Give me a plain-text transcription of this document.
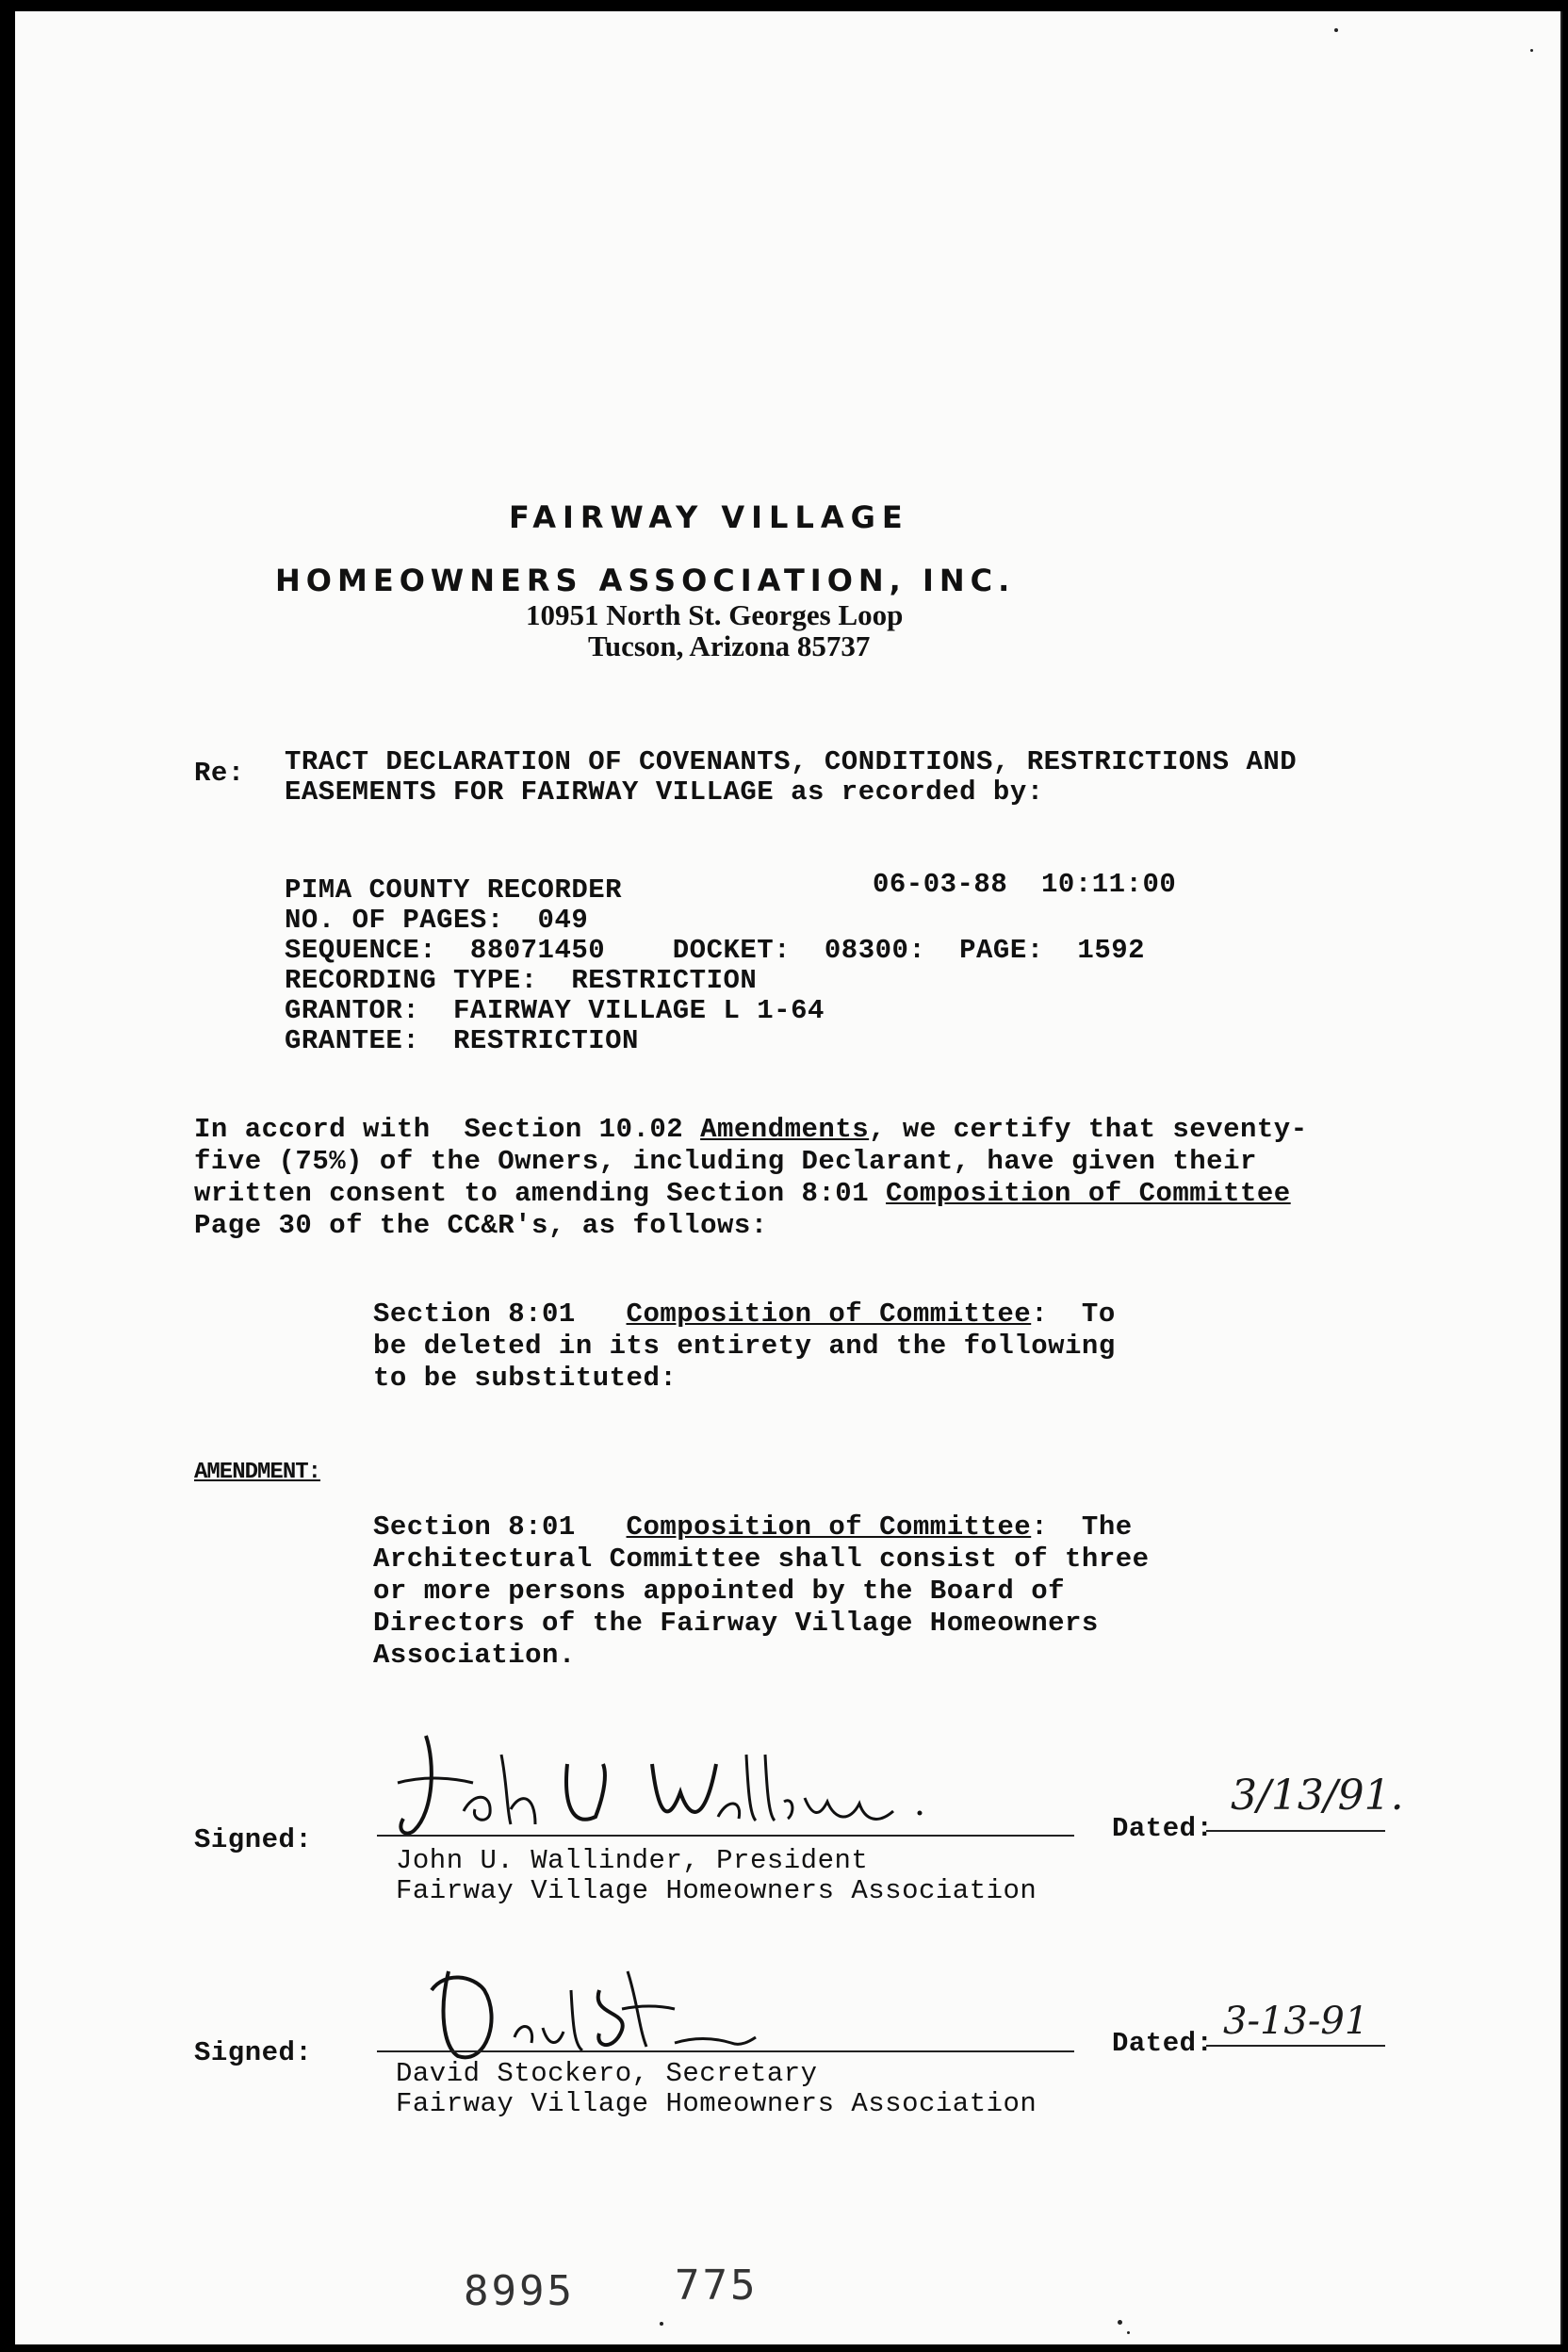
FAIRWAY VILLAGE
HOMEOWNERS ASSOCIATION, INC.
10951 North St. Georges Loop
Tucson, Arizona 85737
Re: TRACT DECLARATION OF COVENANTS, CONDITIONS, RESTRICTIONS AND
EASEMENTS FOR FAIRWAY VILLAGE as recorded by:
PIMA COUNTY RECORDER	06-03-88  10:11:00
NO. OF PAGES:  049
SEQUENCE:  88071450    DOCKET:  08300:  PAGE:  1592
RECORDING TYPE:  RESTRICTION
GRANTOR:  FAIRWAY VILLAGE L 1-64
GRANTEE:  RESTRICTION
In accord with  Section 10.02 Amendments, we certify that seventy-
five (75%) of the Owners, including Declarant, have given their
written consent to amending Section 8:01 Composition of Committee
Page 30 of the CC&R's, as follows:
Section 8:01   Composition of Committee:  To
be deleted in its entirety and the following
to be substituted:
AMENDMENT:
Section 8:01   Composition of Committee:  The
Architectural Committee shall consist of three
or more persons appointed by the Board of
Directors of the Fairway Village Homeowners
Association.
Signed:
John U. Wallinder, President
Fairway Village Homeowners Association
Dated:
3/13/91.
Signed:
David Stockero, Secretary
Fairway Village Homeowners Association
Dated:
3-13-91
8995 775
